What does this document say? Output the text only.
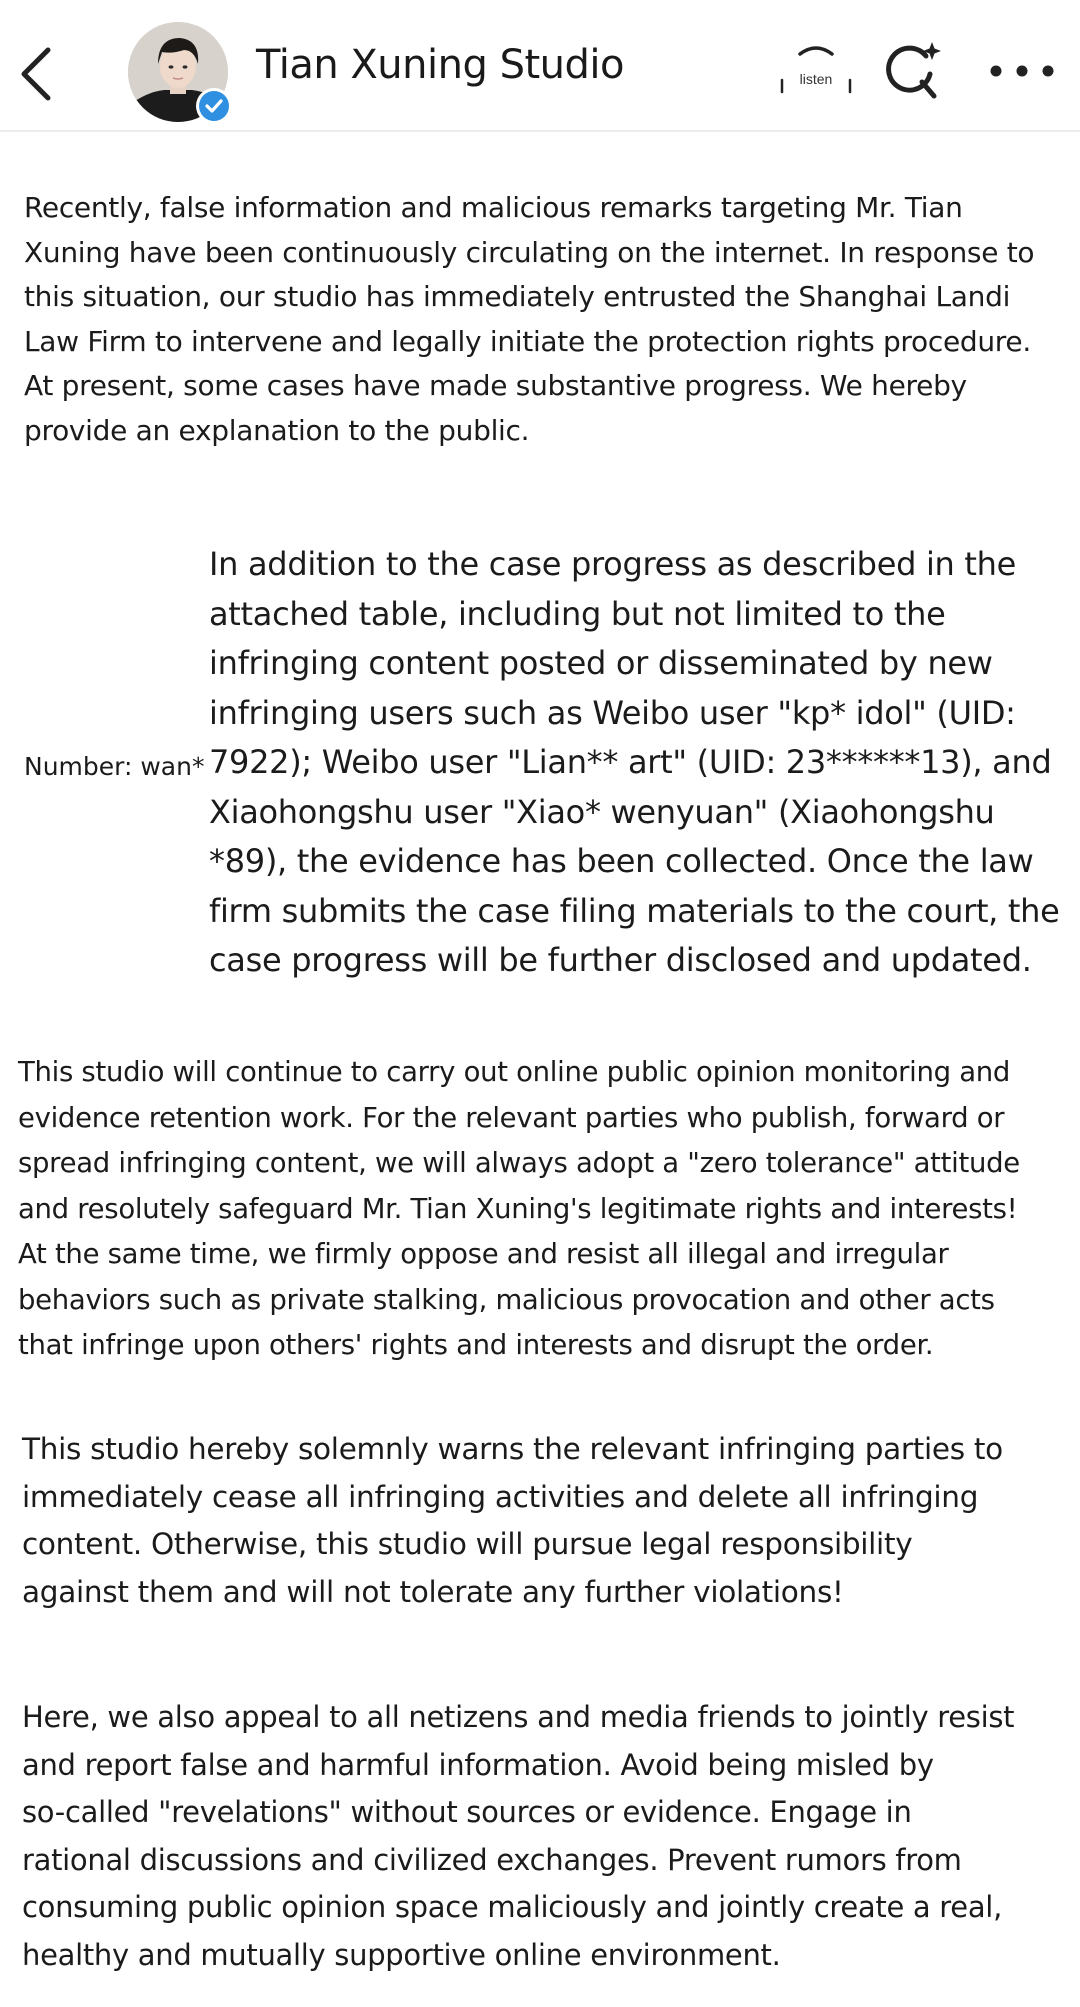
Tian Xuning Studio	listen

Recently, false information and malicious remarks targeting Mr. Tian
Xuning have been continuously circulating on the internet. In response to
this situation, our studio has immediately entrusted the Shanghai Landi
Law Firm to intervene and legally initiate the protection rights procedure.
At present, some cases have made substantive progress. We hereby
provide an explanation to the public.

In addition to the case progress as described in the
attached table, including but not limited to the
infringing content posted or disseminated by new
infringing users such as Weibo user "kp* idol" (UID:
7922); Weibo user "Lian** art" (UID: 23******13), and
Xiaohongshu user "Xiao* wenyuan" (Xiaohongshu
*89), the evidence has been collected. Once the law
firm submits the case filing materials to the court, the
case progress will be further disclosed and updated.

Number: wan*

This studio will continue to carry out online public opinion monitoring and
evidence retention work. For the relevant parties who publish, forward or
spread infringing content, we will always adopt a "zero tolerance" attitude
and resolutely safeguard Mr. Tian Xuning's legitimate rights and interests!
At the same time, we firmly oppose and resist all illegal and irregular
behaviors such as private stalking, malicious provocation and other acts
that infringe upon others' rights and interests and disrupt the order.

This studio hereby solemnly warns the relevant infringing parties to
immediately cease all infringing activities and delete all infringing
content. Otherwise, this studio will pursue legal responsibility
against them and will not tolerate any further violations!

Here, we also appeal to all netizens and media friends to jointly resist
and report false and harmful information. Avoid being misled by
so-called "revelations" without sources or evidence. Engage in
rational discussions and civilized exchanges. Prevent rumors from
consuming public opinion space maliciously and jointly create a real,
healthy and mutually supportive online environment.
